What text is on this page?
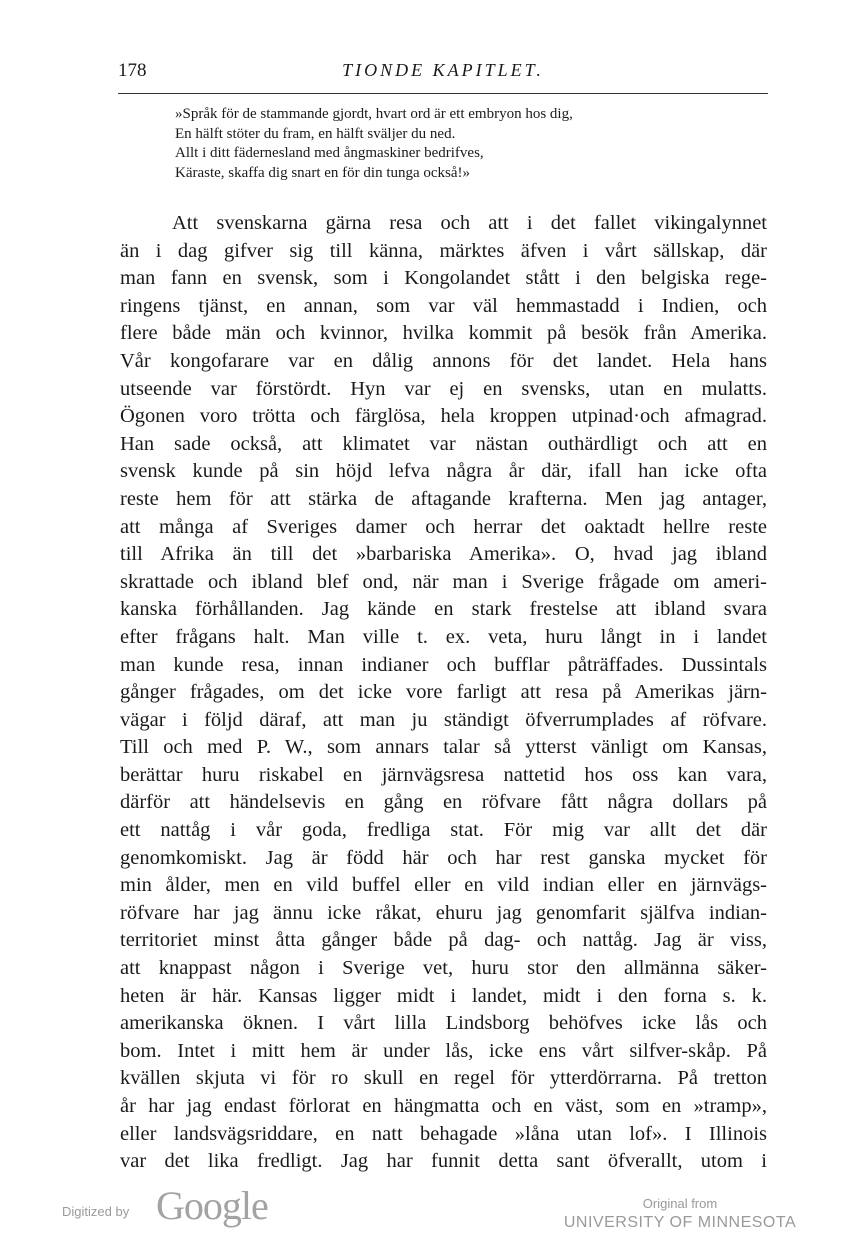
178	TIONDE KAPITLET.
»Språk för de stammande gjordt, hvart ord är ett embryon hos dig,
En hälft stöter du fram, en hälft sväljer du ned.
Allt i ditt fäderneslаnd med ångmaskiner bedrifves,
Käraste, skaffa dig snart en för din tunga också!»
Att svenskarna gärna resa och att i det fallet vikingalynnet
än i dag gifver sig till känna, märktes äfven i vårt sällskap, där
man fann en svensk, som i Kongolandet stått i den belgiska rege-
ringens tjänst, en annan, som var väl hemmastadd i Indien, och
flere både män och kvinnor, hvilka kommit på besök från Amerika.
Vår kongofarare var en dålig annons för det landet. Hela hans
utseende var förstördt. Hyn var ej en svensks, utan en mulatts.
Ögonen voro trötta och färglösa, hela kroppen utpinad·och afmagrad.
Han sade också, att klimatet var nästan outhärdligt och att en
svensk kunde på sin höjd lefva några år där, ifall han icke ofta
reste hem för att stärka de aftagande krafterna. Men jag antager,
att många af Sveriges damer och herrar det oaktadt hellre reste
till Afrika än till det »barbariska Amerika». O, hvad jag ibland
skrattade och ibland blef ond, när man i Sverige frågade om ameri-
kanska förhållanden. Jag kände en stark frestelse att ibland svara
efter frågans halt. Man ville t. ex. veta, huru långt in i landet
man kunde resa, innan indianer och bufflar påträffades. Dussintals
gånger frågades, om det icke vore farligt att resa på Amerikas järn-
vägar i följd däraf, att man ju ständigt öfverrumplades af röfvare.
Till och med P. W., som annars talar så ytterst vänligt om Kansas,
berättar huru riskabel en järnvägsresa nattetid hos oss kan vara,
därför att händelsevis en gång en röfvare fått några dollars på
ett nattåg i vår goda, fredliga stat. För mig var allt det där
genomkomiskt. Jag är född här och har rest ganska mycket för
min ålder, men en vild buffel eller en vild indian eller en järnvägs-
röfvare har jag ännu icke råkat, ehuru jag genomfarit själfva indian-
territoriet minst åtta gånger både på dag- och nattåg. Jag är viss,
att knappast någon i Sverige vet, huru stor den allmänna säker-
heten är här. Kansas ligger midt i landet, midt i den forna s. k.
amerikanska öknen. I vårt lilla Lindsborg behöfves icke lås och
bom. Intet i mitt hem är under lås, icke ens vårt silfver-skåp. På
kvällen skjuta vi för ro skull en regel för ytterdörrarna. På tretton
år har jag endast förlorat en hängmatta och en väst, som en »tramp»,
eller landsvägsriddare, en natt behagade »låna utan lof». I Illinois
var det lika fredligt. Jag har funnit detta sant öfverallt, utom i
Digitized by Google	Original from
UNIVERSITY OF MINNESOTA
